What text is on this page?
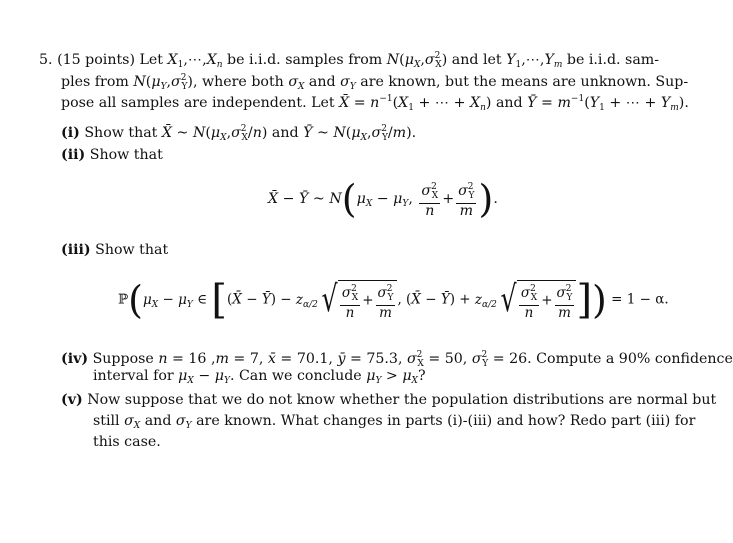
5. (15 points) Let $X_1,\cdots,X_n$ be i.i.d. samples from $N(\mu_X,\sigma^2_X)$ and let $Y_1,\cdots,Y_m$ be i.i.d. sam-
ples from $N(\mu_Y,\sigma^2_Y)$, where both $\sigma_X$ and $\sigma_Y$ are known, but the means are unknown. Sup-
pose all samples are independent. Let X̄ = $n^{-1}(X_1$ + ⋯ + $X_n$) and Ȳ = $m^{-1}(Y_1$ + ⋯ + $Y_m$).
(i) Show that X̄ ~ $N(\mu_X,\sigma^2_X/n)$ and Ȳ ~ $N(\mu_X,\sigma^2_Y/m)$.
(ii) Show that
X̄ − Ȳ ~ $N(\mu_X - \mu_Y$, $\frac{\sigma^2_X}{n} + \frac{\sigma^2_Y}{m}$ ).
(iii) Show that
$ℙ(\mu_X - \mu_Y$ ∈ [(X̄ − Ȳ) − $z_{\alpha/2}√ \frac{\sigma^2_X}{n} + \frac{\sigma^2_Y}{m}$ , (X̄ − Ȳ) + $z_{\alpha/2}√ \frac{\sigma^2_X}{n} + \frac{\sigma^2_Y}{m}$ ]) = 1 − α.
(iv) Suppose n = 16 ,m = 7, x̄ = 70.1, ȳ = 75.3, $\sigma^2_X = 50$, $\sigma^2_Y = 26$. Compute a 90% confidence
interval for $\mu_X - \mu_Y$. Can we conclude $\mu_Y > \mu_X$?
(v) Now suppose that we do not know whether the population distributions are normal but
still $\sigma_X$ and $\sigma_Y$ are known. What changes in parts (i)-(iii) and how? Redo part (iii) for
this case.
